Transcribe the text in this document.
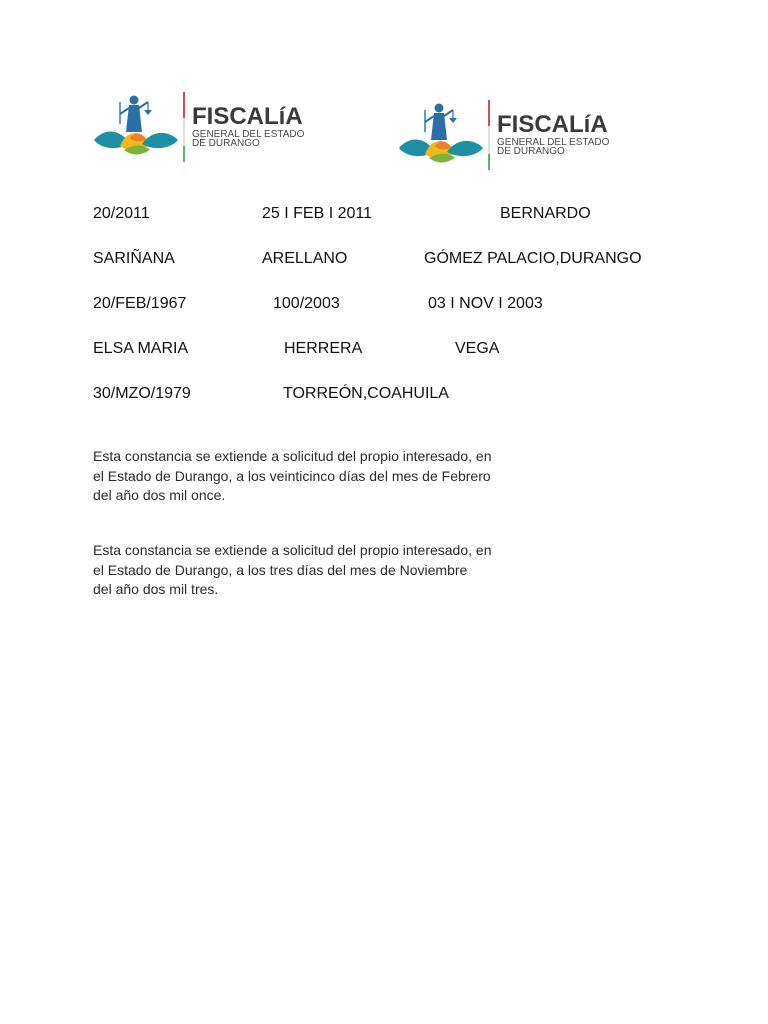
FISCALíA
GENERAL DEL ESTADO
DE DURANGO
FISCALíA
GENERAL DEL ESTADO
DE DURANGO
20/2011	25 I FEB I 2011	BERNARDO
SARIÑANA	ARELLANO	GÓMEZ PALACIO,DURANGO
20/FEB/1967	100/2003	03 I NOV I 2003
ELSA MARIA	HERRERA	VEGA
30/MZO/1979	TORREÓN,COAHUILA

Esta constancia se extiende a solicitud del propio interesado, en
el Estado de Durango, a los veinticinco días del mes de Febrero
del año dos mil once.

Esta constancia se extiende a solicitud del propio interesado, en
el Estado de Durango, a los tres días del mes de Noviembre
del año dos mil tres.
